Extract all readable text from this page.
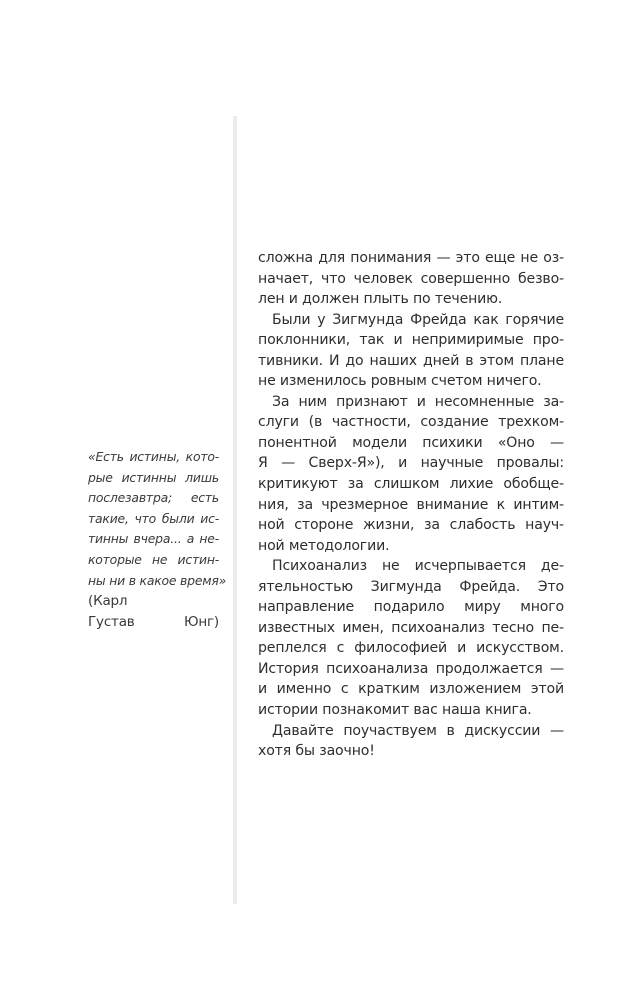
«Есть истины, кото-
рые истинны лишь
послезавтра; есть
такие, что были ис-
тинны вчера... а не-
которые не истин-
ны ни в какое время»
(Карл
Густав Юнг)
сложна для понимания — это еще не оз-
начает, что человек совершенно безво-
лен и должен плыть по течению.
Были у Зигмунда Фрейда как горячие
поклонники, так и непримиримые про-
тивники. И до наших дней в этом плане
не изменилось ровным счетом ничего.
За ним признают и несомненные за-
слуги (в частности, создание трехком-
понентной модели психики «Оно —
Я — Сверх-Я»), и научные провалы:
критикуют за слишком лихие обобще-
ния, за чрезмерное внимание к интим-
ной стороне жизни, за слабость науч-
ной методологии.
Психоанализ не исчерпывается де-
ятельностью Зигмунда Фрейда. Это
направление подарило миру много
известных имен, психоанализ тесно пе-
реплелся с философией и искусством.
История психоанализа продолжается —
и именно с кратким изложением этой
истории познакомит вас наша книга.
Давайте поучаствуем в дискуссии —
хотя бы заочно!
